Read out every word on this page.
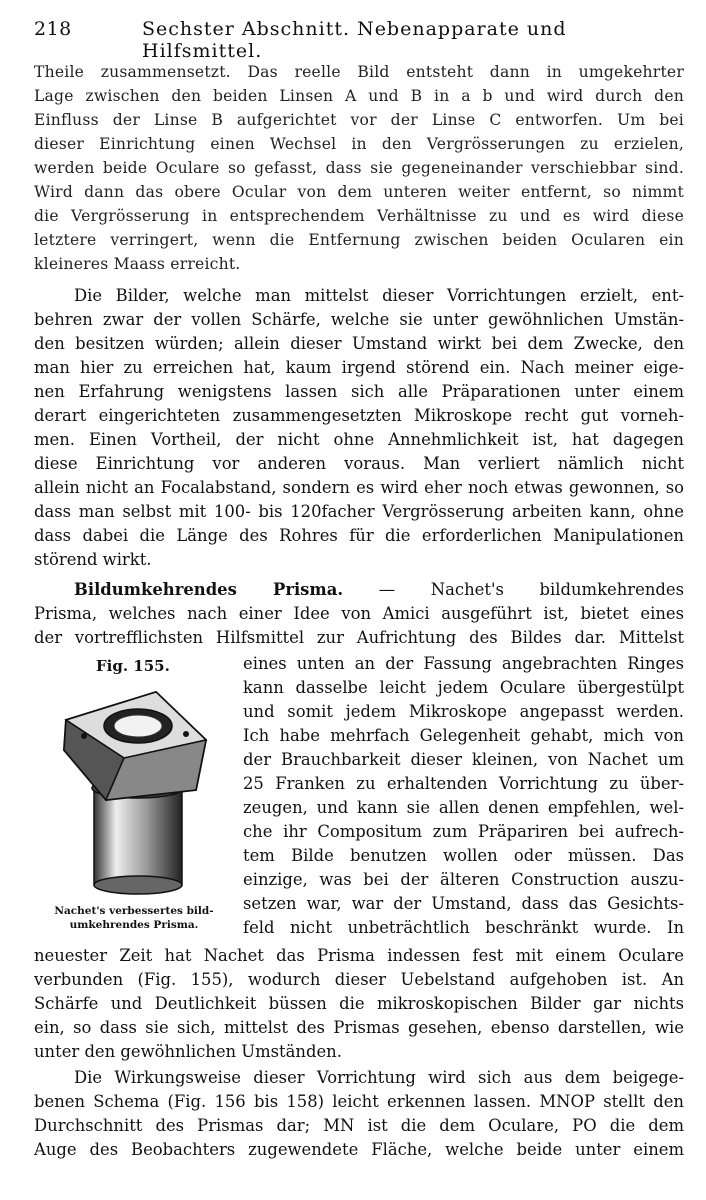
218	Sechster Abschnitt. Nebenapparate und Hilfsmittel.
Theile zusammensetzt. Das reelle Bild entsteht dann in umgekehrter
Lage zwischen den beiden Linsen A und B in a b und wird durch den
Einfluss der Linse B aufgerichtet vor der Linse C entworfen. Um bei
dieser Einrichtung einen Wechsel in den Vergrösserungen zu erzielen,
werden beide Oculare so gefasst, dass sie gegeneinander verschiebbar sind.
Wird dann das obere Ocular von dem unteren weiter entfernt, so nimmt
die Vergrösserung in entsprechendem Verhältnisse zu und es wird diese
letztere verringert, wenn die Entfernung zwischen beiden Ocularen ein
kleineres Maass erreicht.
Die Bilder, welche man mittelst dieser Vorrichtungen erzielt, ent-
behren zwar der vollen Schärfe, welche sie unter gewöhnlichen Umstän-
den besitzen würden; allein dieser Umstand wirkt bei dem Zwecke, den
man hier zu erreichen hat, kaum irgend störend ein. Nach meiner eige-
nen Erfahrung wenigstens lassen sich alle Präparationen unter einem
derart eingerichteten zusammengesetzten Mikroskope recht gut vorneh-
men. Einen Vortheil, der nicht ohne Annehmlichkeit ist, hat dagegen
diese Einrichtung vor anderen voraus. Man verliert nämlich nicht
allein nicht an Focalabstand, sondern es wird eher noch etwas gewonnen, so
dass man selbst mit 100- bis 120facher Vergrösserung arbeiten kann, ohne
dass dabei die Länge des Rohres für die erforderlichen Manipulationen
störend wirkt.
Bildumkehrendes Prisma. — Nachet's bildumkehrendes
Prisma, welches nach einer Idee von Amici ausgeführt ist, bietet eines
der vortrefflichsten Hilfsmittel zur Aufrichtung des Bildes dar. Mittelst
Fig. 155.
Nachet's verbessertes bild-
umkehrendes Prisma.
eines unten an der Fassung angebrachten Ringes
kann dasselbe leicht jedem Oculare übergestülpt
und somit jedem Mikroskope angepasst werden.
Ich habe mehrfach Gelegenheit gehabt, mich von
der Brauchbarkeit dieser kleinen, von Nachet um
25 Franken zu erhaltenden Vorrichtung zu über-
zeugen, und kann sie allen denen empfehlen, wel-
che ihr Compositum zum Präpariren bei aufrech-
tem Bilde benutzen wollen oder müssen. Das
einzige, was bei der älteren Construction auszu-
setzen war, war der Umstand, dass das Gesichts-
feld nicht unbeträchtlich beschränkt wurde. In
neuester Zeit hat Nachet das Prisma indessen fest mit einem Oculare
verbunden (Fig. 155), wodurch dieser Uebelstand aufgehoben ist. An
Schärfe und Deutlichkeit büssen die mikroskopischen Bilder gar nichts
ein, so dass sie sich, mittelst des Prismas gesehen, ebenso darstellen, wie
unter den gewöhnlichen Umständen.
Die Wirkungsweise dieser Vorrichtung wird sich aus dem beigege-
benen Schema (Fig. 156 bis 158) leicht erkennen lassen. MNOP stellt den
Durchschnitt des Prismas dar; MN ist die dem Oculare, PO die dem
Auge des Beobachters zugewendete Fläche, welche beide unter einem
